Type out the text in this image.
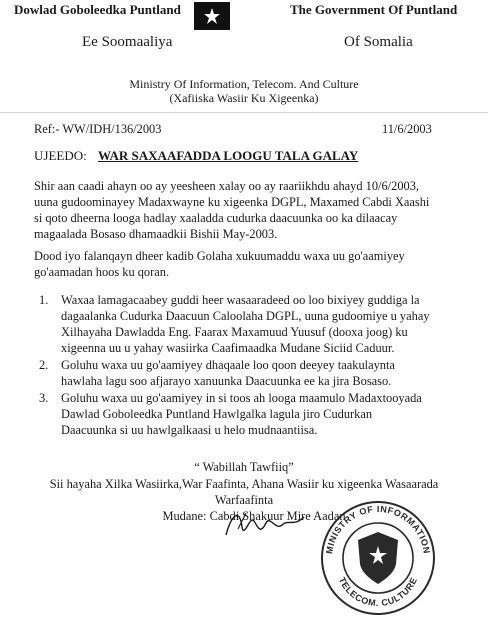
Dowlad Goboleedka Puntland	The Government Of Puntland
Ee Soomaaliya	Of Somalia
Ministry Of Information, Telecom. And Culture
(Xafiiska Wasiir Ku Xigeenka)
Ref:- WW/IDH/136/2003	11/6/2003
UJEEDO: WAR SAXAAFADDA LOOGU TALA GALAY
Shir aan caadi ahayn oo ay yeesheen xalay oo ay raariikhdu ahayd 10/6/2003,
uuna gudoominayey Madaxwayne ku xigeenka DGPL, Maxamed Cabdi Xaashi
si qoto dheerna looga hadlay xaaladda cudurka daacuunka oo ka dilaacay
magaalada Bosaso dhamaadkii Bishii May-2003.
Dood iyo falanqayn dheer kadib Golaha xukuumaddu waxa uu go'aamiyey
go'aamadan hoos ku qoran.
1. Waxaa lamagacaabey guddi heer wasaaradeed oo loo bixiyey guddiga la
dagaalanka Cudurka Daacuun Caloolaha DGPL, uuna gudoomiye u yahay
Xilhayaha Dawladda Eng. Faarax Maxamuud Yuusuf (dooxa joog) ku
xigeenna uu u yahay wasiirka Caafimaadka Mudane Siciid Caduur.
2. Goluhu waxa uu go'aamiyey dhaqaale loo qoon deeyey taakulaynta
hawlaha lagu soo afjarayo xanuunka Daacuunka ee ka jira Bosaso.
3. Goluhu waxa uu go'aamiyey in si toos ah looga maamulo Madaxtooyada
Dawlad Goboleedka Puntland Hawlgalka lagula jiro Cudurkan
Daacuunka si uu hawlgalkaasi u helo mudnaantiisa.
“ Wabillah Tawfiiq”
Sii hayaha Xilka Wasiirka,War Faafinta, Ahana Wasiir ku xigeenka Wasaarada
Warfaafinta
Mudane: Cabdi Shakuur Mire Aadan
MINISTRY OF INFORMATION
TELECOM. CULTURE
